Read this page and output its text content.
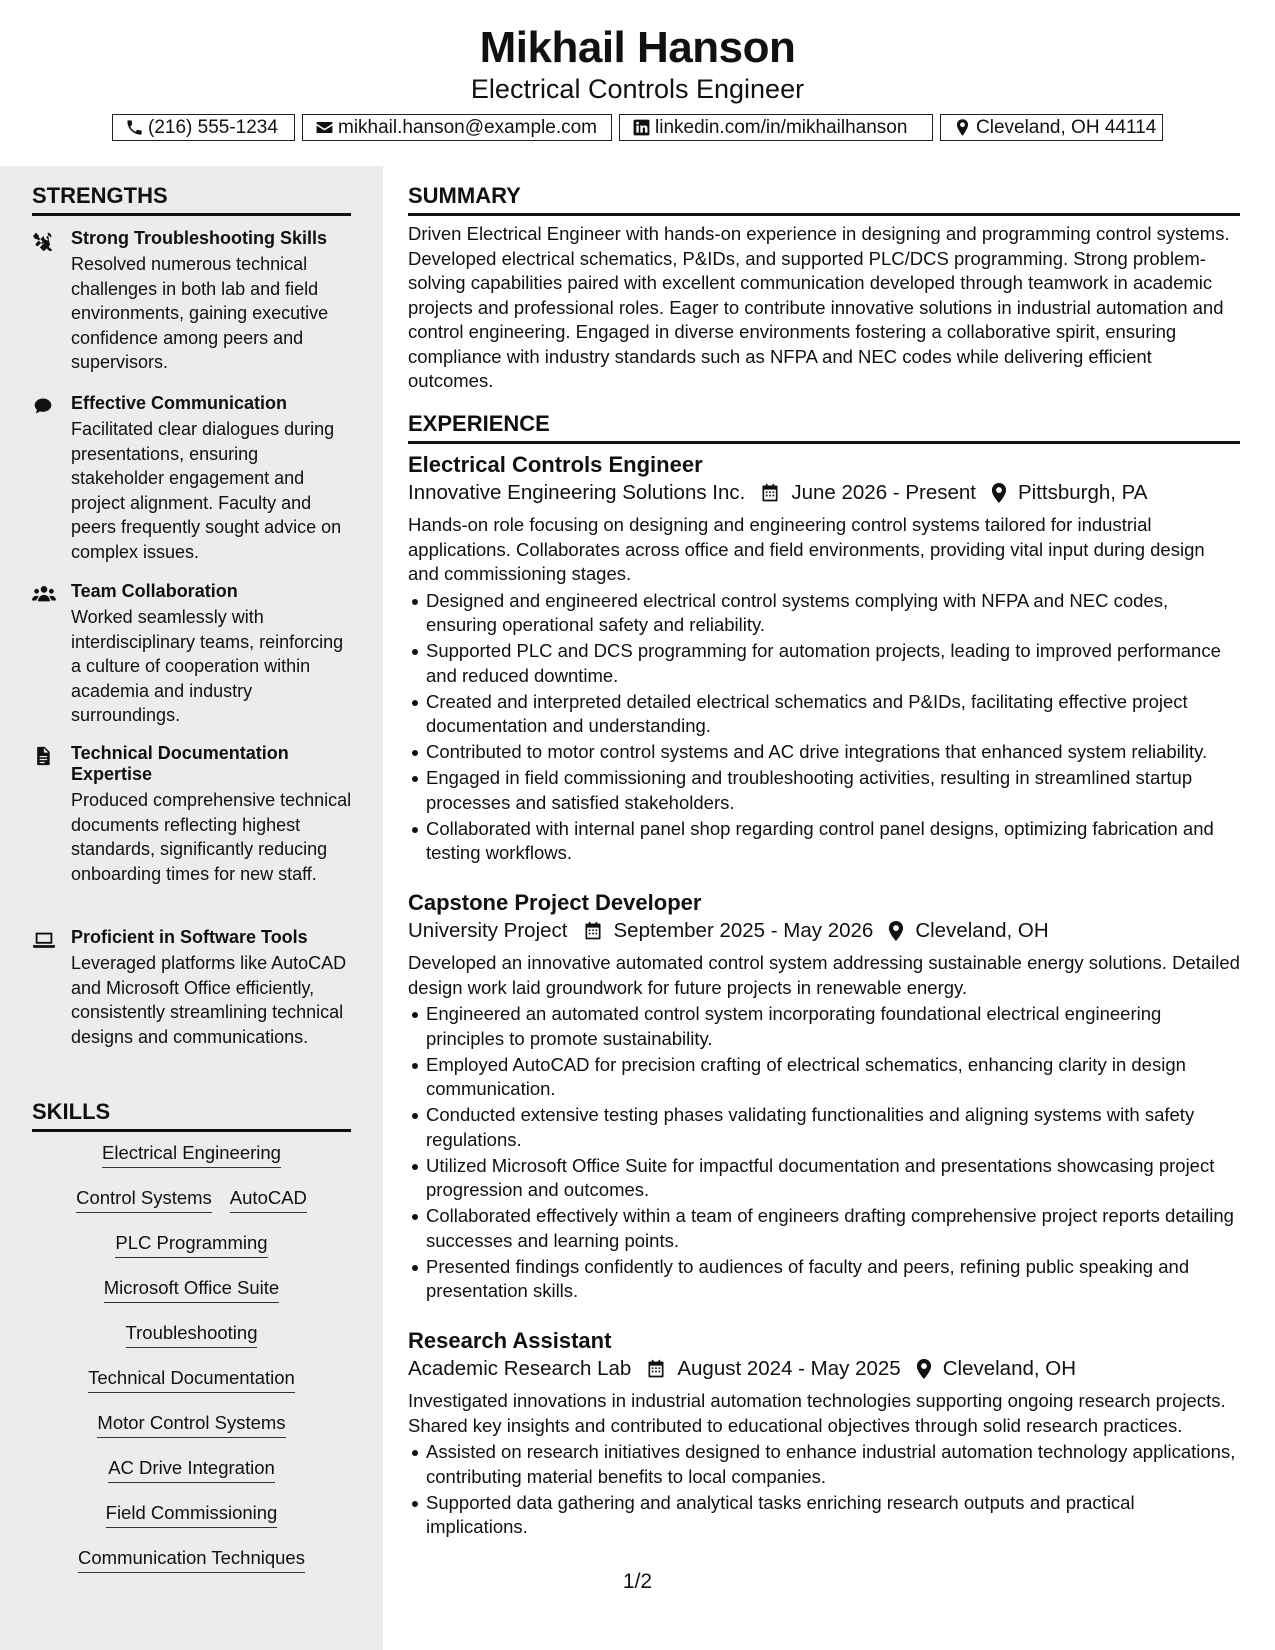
Mikhail Hanson
Electrical Controls Engineer
(216) 555-1234	mikhail.hanson@example.com	linkedin.com/in/mikhailhanson	Cleveland, OH 44114
STRENGTHS
Strong Troubleshooting Skills
Resolved numerous technical challenges in both lab and field environments, gaining executive confidence among peers and supervisors.
Effective Communication
Facilitated clear dialogues during presentations, ensuring stakeholder engagement and project alignment. Faculty and peers frequently sought advice on complex issues.
Team Collaboration
Worked seamlessly with interdisciplinary teams, reinforcing a culture of cooperation within academia and industry surroundings.
Technical Documentation Expertise
Produced comprehensive technical documents reflecting highest standards, significantly reducing onboarding times for new staff.
Proficient in Software Tools
Leveraged platforms like AutoCAD and Microsoft Office efficiently, consistently streamlining technical designs and communications.
SKILLS
Electrical Engineering
Control Systems AutoCAD
PLC Programming
Microsoft Office Suite
Troubleshooting
Technical Documentation
Motor Control Systems
AC Drive Integration
Field Commissioning
Communication Techniques
SUMMARY

Driven Electrical Engineer with hands-on experience in designing and programming control systems. Developed electrical schematics, P&IDs, and supported PLC/DCS programming. Strong problem-solving capabilities paired with excellent communication developed through teamwork in academic projects and professional roles. Eager to contribute innovative solutions in industrial automation and control engineering. Engaged in diverse environments fostering a collaborative spirit, ensuring compliance with industry standards such as NFPA and NEC codes while delivering efficient outcomes.

EXPERIENCE
Electrical Controls Engineer
Innovative Engineering Solutions Inc. June 2026 - Present Pittsburgh, PA
Hands-on role focusing on designing and engineering control systems tailored for industrial applications. Collaborates across office and field environments, providing vital input during design and commissioning stages.
Designed and engineered electrical control systems complying with NFPA and NEC codes, ensuring operational safety and reliability.
Supported PLC and DCS programming for automation projects, leading to improved performance and reduced downtime.
Created and interpreted detailed electrical schematics and P&IDs, facilitating effective project documentation and understanding.
Contributed to motor control systems and AC drive integrations that enhanced system reliability.
Engaged in field commissioning and troubleshooting activities, resulting in streamlined startup processes and satisfied stakeholders.
Collaborated with internal panel shop regarding control panel designs, optimizing fabrication and testing workflows.
Capstone Project Developer
University Project September 2025 - May 2026 Cleveland, OH
Developed an innovative automated control system addressing sustainable energy solutions. Detailed design work laid groundwork for future projects in renewable energy.
Engineered an automated control system incorporating foundational electrical engineering principles to promote sustainability.
Employed AutoCAD for precision crafting of electrical schematics, enhancing clarity in design communication.
Conducted extensive testing phases validating functionalities and aligning systems with safety regulations.
Utilized Microsoft Office Suite for impactful documentation and presentations showcasing project progression and outcomes.
Collaborated effectively within a team of engineers drafting comprehensive project reports detailing successes and learning points.
Presented findings confidently to audiences of faculty and peers, refining public speaking and presentation skills.
Research Assistant
Academic Research Lab August 2024 - May 2025 Cleveland, OH
Investigated innovations in industrial automation technologies supporting ongoing research projects. Shared key insights and contributed to educational objectives through solid research practices.
Assisted on research initiatives designed to enhance industrial automation technology applications, contributing material benefits to local companies.
Supported data gathering and analytical tasks enriching research outputs and practical implications.
1/2
